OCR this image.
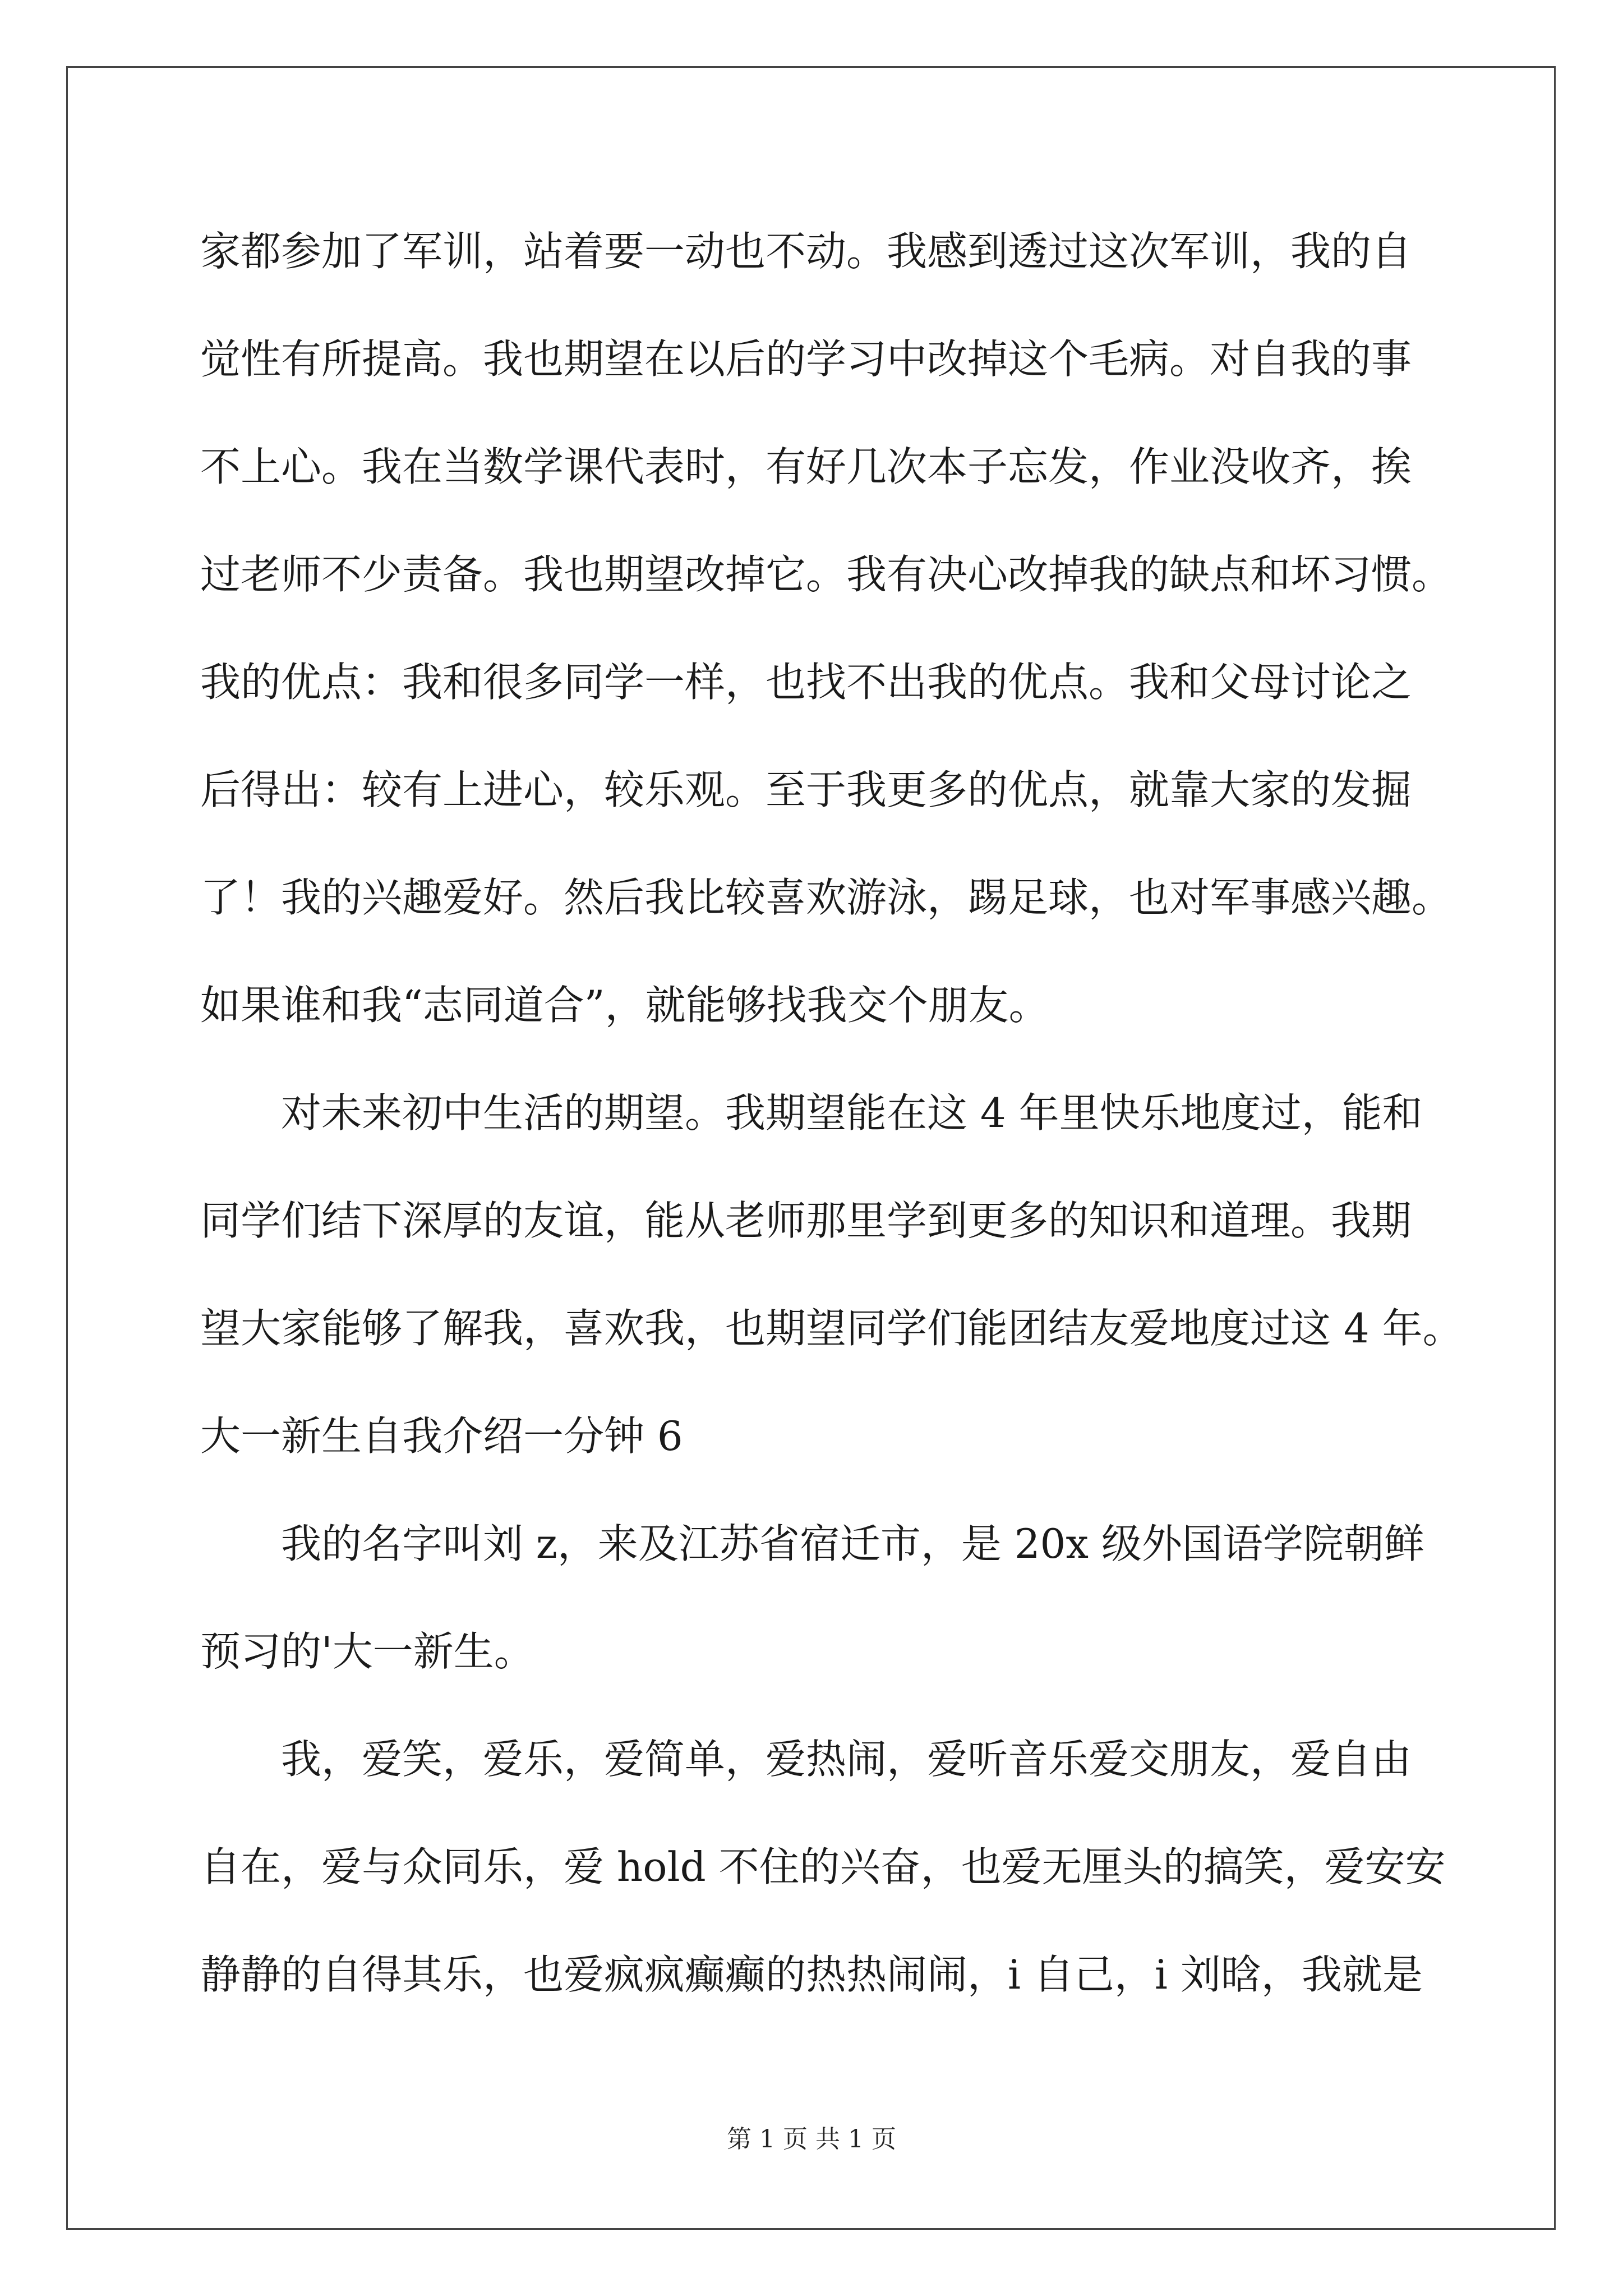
家都参加了军训，站着要一动也不动。我感到透过这次军训，我的自
觉性有所提高。我也期望在以后的学习中改掉这个毛病。对自我的事
不上心。我在当数学课代表时，有好几次本子忘发，作业没收齐，挨
过老师不少责备。我也期望改掉它。我有决心改掉我的缺点和坏习惯。
我的优点：我和很多同学一样，也找不出我的优点。我和父母讨论之
后得出：较有上进心，较乐观。至于我更多的优点，就靠大家的发掘
了！我的兴趣爱好。然后我比较喜欢游泳，踢足球，也对军事感兴趣。
如果谁和我“志同道合”，就能够找我交个朋友。
对未来初中生活的期望。我期望能在这 4 年里快乐地度过，能和
同学们结下深厚的友谊，能从老师那里学到更多的知识和道理。我期
望大家能够了解我，喜欢我，也期望同学们能团结友爱地度过这 4 年。
大一新生自我介绍一分钟 6
我的名字叫刘 z，来及江苏省宿迁市，是 20x 级外国语学院朝鲜
预习的'大一新生。
我，爱笑，爱乐，爱简单，爱热闹，爱听音乐爱交朋友，爱自由
自在，爱与众同乐，爱 hold 不住的兴奋，也爱无厘头的搞笑，爱安安
静静的自得其乐，也爱疯疯癫癫的热热闹闹，i 自己，i 刘晗，我就是
第 1 页 共 1 页
